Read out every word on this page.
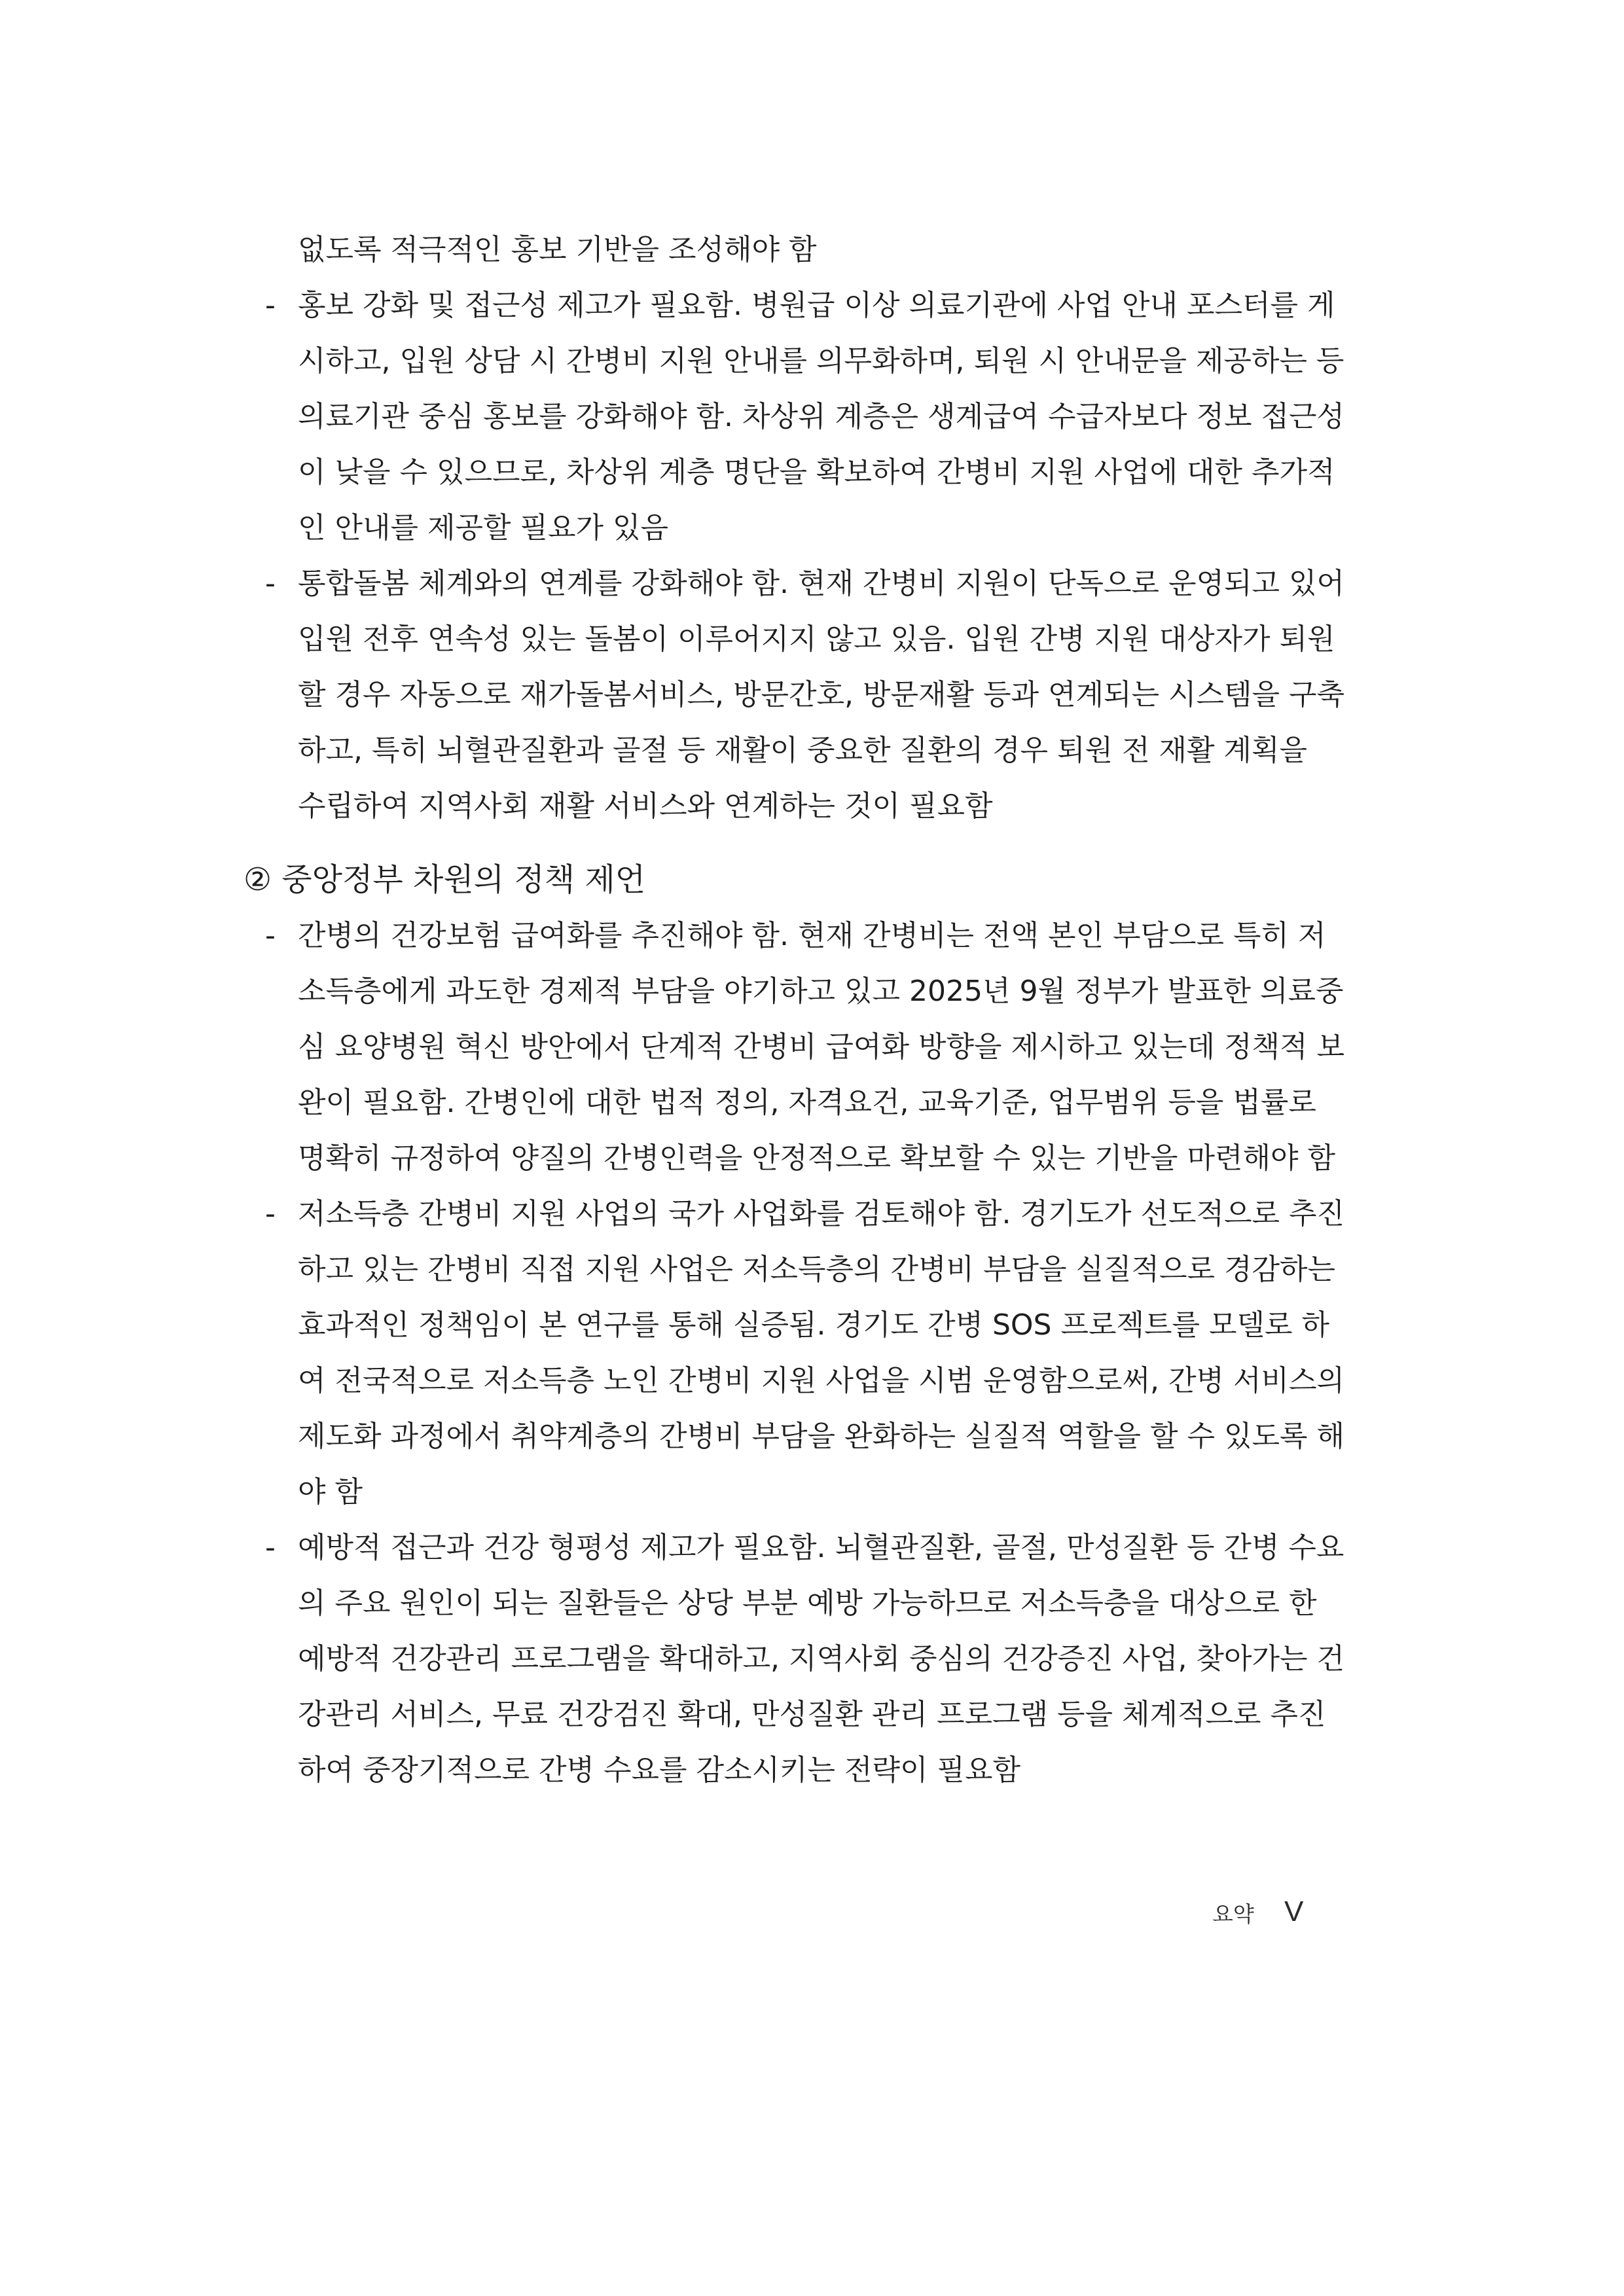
없도록 적극적인 홍보 기반을 조성해야 함
- 홍보 강화 및 접근성 제고가 필요함. 병원급 이상 의료기관에 사업 안내 포스터를 게
시하고, 입원 상담 시 간병비 지원 안내를 의무화하며, 퇴원 시 안내문을 제공하는 등
의료기관 중심 홍보를 강화해야 함. 차상위 계층은 생계급여 수급자보다 정보 접근성
이 낮을 수 있으므로, 차상위 계층 명단을 확보하여 간병비 지원 사업에 대한 추가적
인 안내를 제공할 필요가 있음
- 통합돌봄 체계와의 연계를 강화해야 함. 현재 간병비 지원이 단독으로 운영되고 있어
입원 전후 연속성 있는 돌봄이 이루어지지 않고 있음. 입원 간병 지원 대상자가 퇴원
할 경우 자동으로 재가돌봄서비스, 방문간호, 방문재활 등과 연계되는 시스템을 구축
하고, 특히 뇌혈관질환과 골절 등 재활이 중요한 질환의 경우 퇴원 전 재활 계획을
수립하여 지역사회 재활 서비스와 연계하는 것이 필요함
② 중앙정부 차원의 정책 제언
- 간병의 건강보험 급여화를 추진해야 함. 현재 간병비는 전액 본인 부담으로 특히 저
소득층에게 과도한 경제적 부담을 야기하고 있고 2025년 9월 정부가 발표한 의료중
심 요양병원 혁신 방안에서 단계적 간병비 급여화 방향을 제시하고 있는데 정책적 보
완이 필요함. 간병인에 대한 법적 정의, 자격요건, 교육기준, 업무범위 등을 법률로
명확히 규정하여 양질의 간병인력을 안정적으로 확보할 수 있는 기반을 마련해야 함
- 저소득층 간병비 지원 사업의 국가 사업화를 검토해야 함. 경기도가 선도적으로 추진
하고 있는 간병비 직접 지원 사업은 저소득층의 간병비 부담을 실질적으로 경감하는
효과적인 정책임이 본 연구를 통해 실증됨. 경기도 간병 SOS 프로젝트를 모델로 하
여 전국적으로 저소득층 노인 간병비 지원 사업을 시범 운영함으로써, 간병 서비스의
제도화 과정에서 취약계층의 간병비 부담을 완화하는 실질적 역할을 할 수 있도록 해
야 함
- 예방적 접근과 건강 형평성 제고가 필요함. 뇌혈관질환, 골절, 만성질환 등 간병 수요
의 주요 원인이 되는 질환들은 상당 부분 예방 가능하므로 저소득층을 대상으로 한
예방적 건강관리 프로그램을 확대하고, 지역사회 중심의 건강증진 사업, 찾아가는 건
강관리 서비스, 무료 건강검진 확대, 만성질환 관리 프로그램 등을 체계적으로 추진
하여 중장기적으로 간병 수요를 감소시키는 전략이 필요함
요약 V
